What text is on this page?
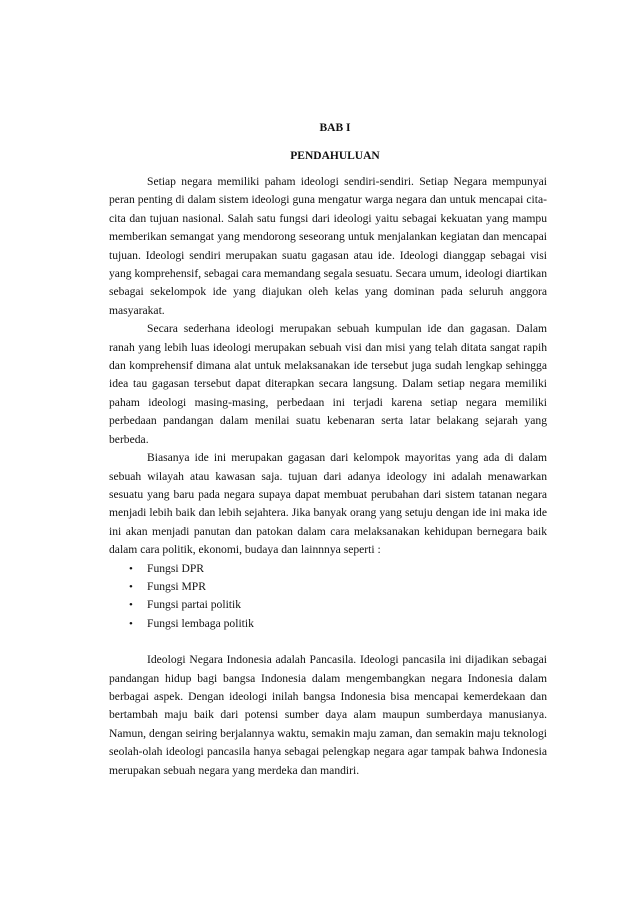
BAB I
PENDAHULUAN

Setiap negara memiliki paham ideologi sendiri-sendiri. Setiap Negara mempunyai peran penting di dalam sistem ideologi guna mengatur warga negara dan untuk mencapai cita-cita dan tujuan nasional. Salah satu fungsi dari ideologi yaitu sebagai kekuatan yang mampu memberikan semangat yang mendorong seseorang untuk menjalankan kegiatan dan mencapai tujuan. Ideologi sendiri merupakan suatu gagasan atau ide. Ideologi dianggap sebagai visi yang komprehensif, sebagai cara memandang segala sesuatu. Secara umum, ideologi diartikan sebagai sekelompok ide yang diajukan oleh kelas yang dominan pada seluruh anggora masyarakat.

Secara sederhana ideologi merupakan sebuah kumpulan ide dan gagasan. Dalam ranah yang lebih luas ideologi merupakan sebuah visi dan misi yang telah ditata sangat rapih dan komprehensif dimana alat untuk melaksanakan ide tersebut juga sudah lengkap sehingga idea tau gagasan tersebut dapat diterapkan secara langsung. Dalam setiap negara memiliki paham ideologi masing-masing, perbedaan ini terjadi karena setiap negara memiliki perbedaan pandangan dalam menilai suatu kebenaran serta latar belakang sejarah yang berbeda.

Biasanya ide ini merupakan gagasan dari kelompok mayoritas yang ada di dalam sebuah wilayah atau kawasan saja. tujuan dari adanya ideology ini adalah menawarkan sesuatu yang baru pada negara supaya dapat membuat perubahan dari sistem tatanan negara menjadi lebih baik dan lebih sejahtera. Jika banyak orang yang setuju dengan ide ini maka ide ini akan menjadi panutan dan patokan dalam cara melaksanakan kehidupan bernegara baik dalam cara politik, ekonomi, budaya dan lainnnya seperti :

•	Fungsi DPR
•	Fungsi MPR
•	Fungsi partai politik
•	Fungsi lembaga politik

Ideologi Negara Indonesia adalah Pancasila. Ideologi pancasila ini dijadikan sebagai pandangan hidup bagi bangsa Indonesia dalam mengembangkan negara Indonesia dalam berbagai aspek. Dengan ideologi inilah bangsa Indonesia bisa mencapai kemerdekaan dan bertambah maju baik dari potensi sumber daya alam maupun sumberdaya manusianya. Namun, dengan seiring berjalannya waktu, semakin maju zaman, dan semakin maju teknologi seolah-olah ideologi pancasila hanya sebagai pelengkap negara agar tampak bahwa Indonesia merupakan sebuah negara yang merdeka dan mandiri.
